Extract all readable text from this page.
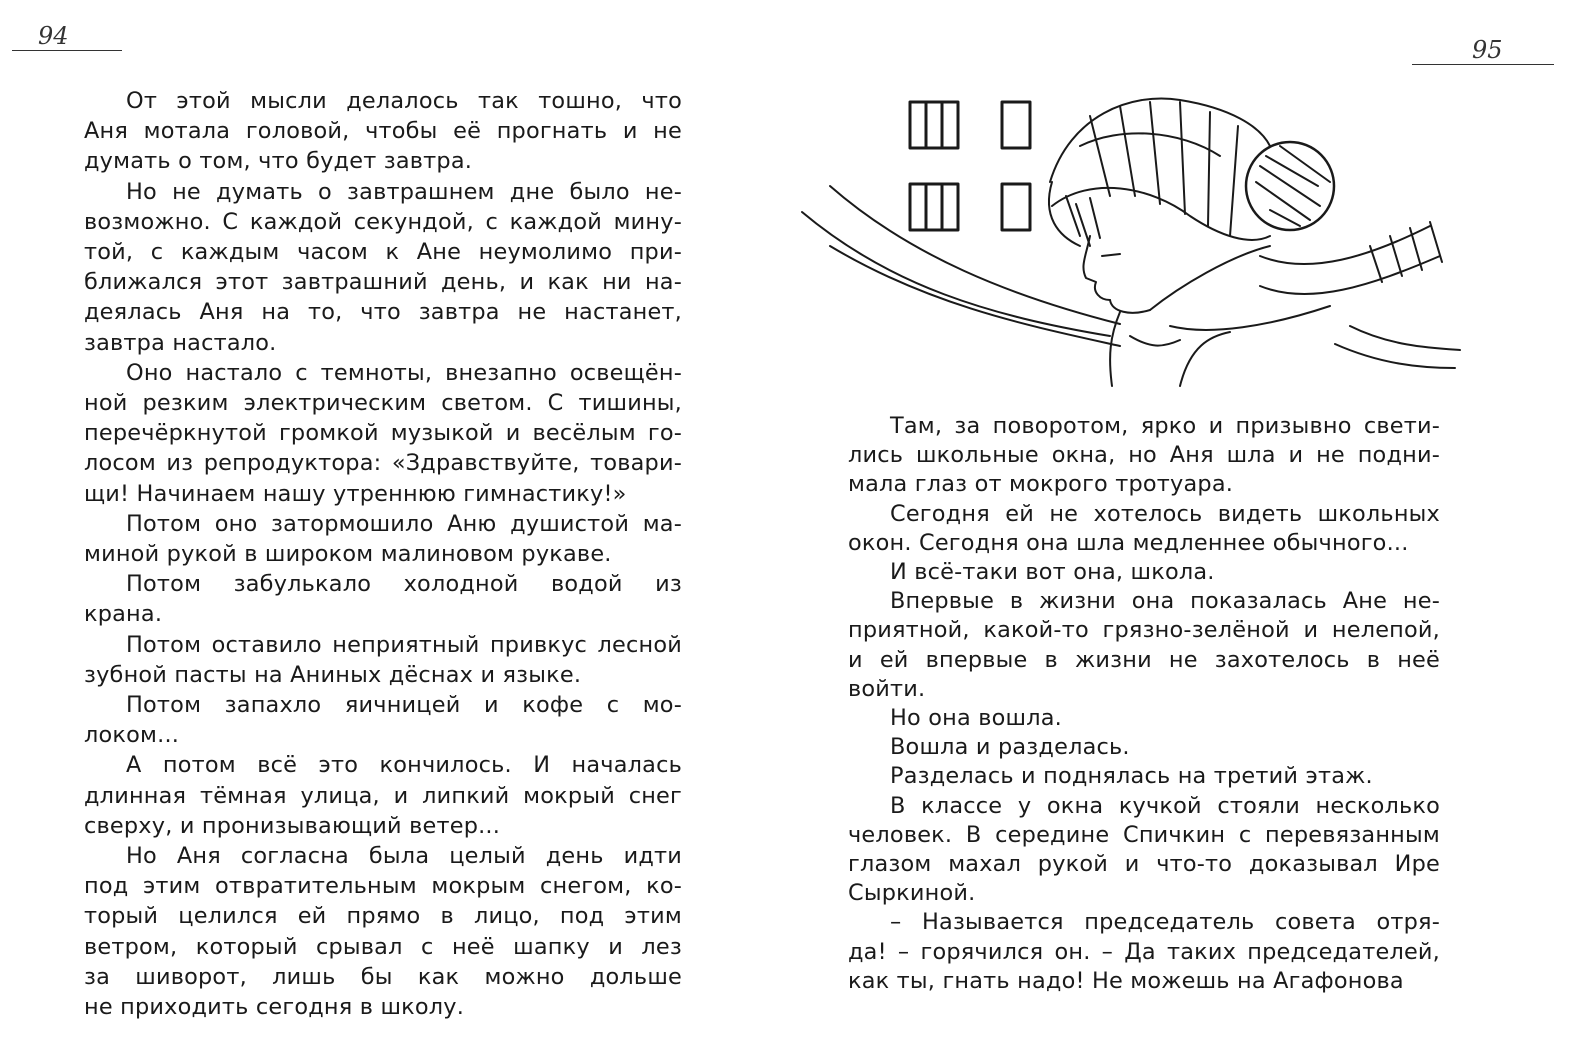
94

От этой мысли делалось так тошно, что
Аня мотала головой, чтобы её прогнать и не
думать о том, что будет завтра.

Но не думать о завтрашнем дне было не-
возможно. С каждой секундой, с каждой мину-
той, с каждым часом к Ане неумолимо при-
ближался этот завтрашний день, и как ни на-
деялась Аня на то, что завтра не настанет,
завтра настало.

Оно настало с темноты, внезапно освещён-
ной резким электрическим светом. С тишины,
перечёркнутой громкой музыкой и весёлым го-
лосом из репродуктора: «Здравствуйте, товари-
щи! Начинаем нашу утреннюю гимнастику!»

Потом оно затормошило Аню душистой ма-
миной рукой в широком малиновом рукаве.

Потом забулькало холодной водой из
крана.

Потом оставило неприятный привкус лесной
зубной пасты на Аниных дёснах и языке.

Потом запахло яичницей и кофе с мо-
локом...

А потом всё это кончилось. И началась
длинная тёмная улица, и липкий мокрый снег
сверху, и пронизывающий ветер...

Но Аня согласна была целый день идти
под этим отвратительным мокрым снегом, ко-
торый целился ей прямо в лицо, под этим
ветром, который срывал с неё шапку и лез
за шиворот, лишь бы как можно дольше
не приходить сегодня в школу.

95

Там, за поворотом, ярко и призывно свети-
лись школьные окна, но Аня шла и не подни-
мала глаз от мокрого тротуара.

Сегодня ей не хотелось видеть школьных
окон. Сегодня она шла медленнее обычного...

И всё-таки вот она, школа.

Впервые в жизни она показалась Ане не-
приятной, какой-то грязно-зелёной и нелепой,
и ей впервые в жизни не захотелось в неё
войти.

Но она вошла.

Вошла и разделась.

Разделась и поднялась на третий этаж.

В классе у окна кучкой стояли несколько
человек. В середине Спичкин с перевязанным
глазом махал рукой и что-то доказывал Ире
Сыркиной.

– Называется председатель совета отря-
да! – горячился он. – Да таких председателей,
как ты, гнать надо! Не можешь на Агафонова
